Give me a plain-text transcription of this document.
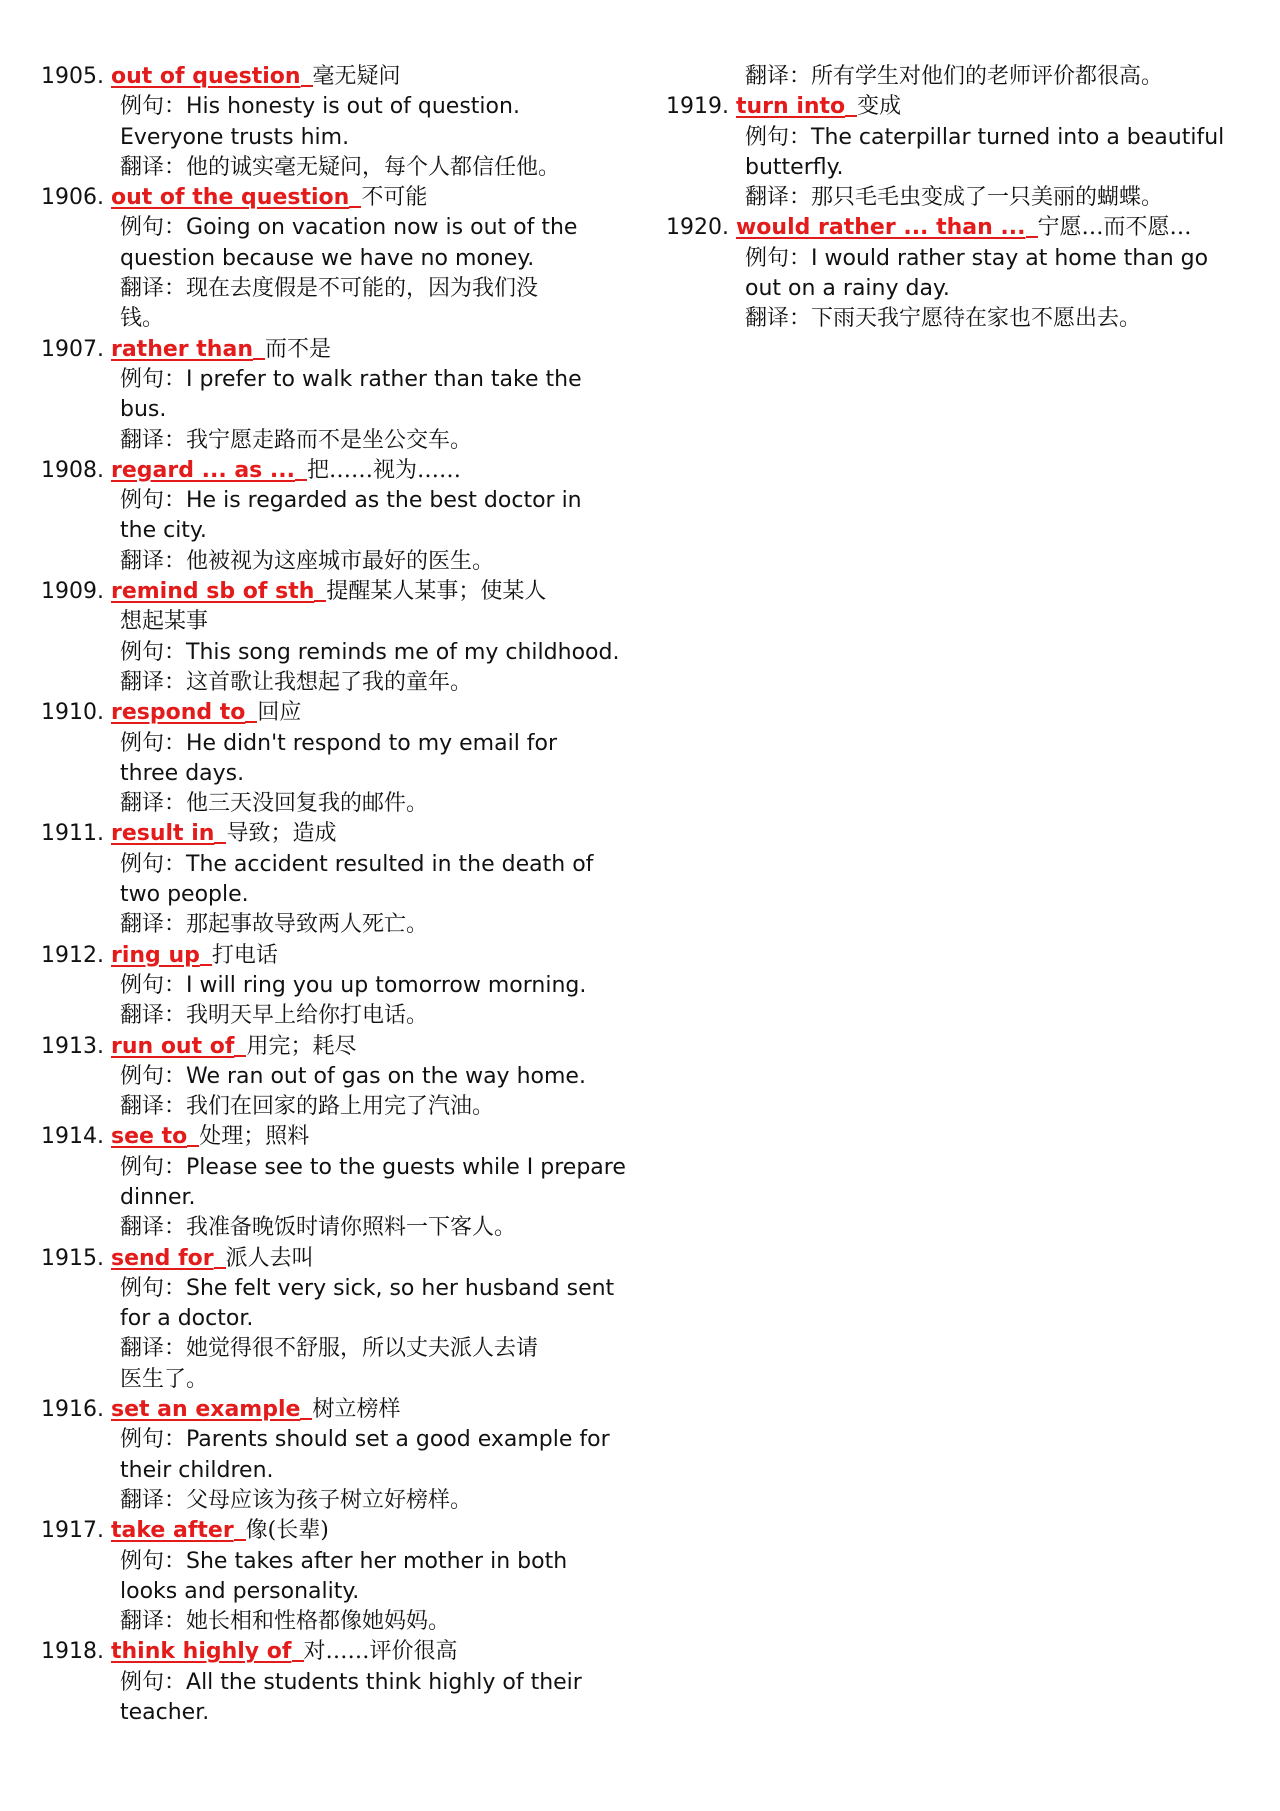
1905. out of question 毫无疑问
例句：His honesty is out of question.
Everyone trusts him.
翻译：他的诚实毫无疑问，每个人都信任他。
1906. out of the question 不可能
例句：Going on vacation now is out of the
question because we have no money.
翻译：现在去度假是不可能的，因为我们没
钱。
1907. rather than 而不是
例句：I prefer to walk rather than take the
bus.
翻译：我宁愿走路而不是坐公交车。
1908. regard ... as ... 把……视为……
例句：He is regarded as the best doctor in
the city.
翻译：他被视为这座城市最好的医生。
1909. remind sb of sth 提醒某人某事；使某人
想起某事
例句：This song reminds me of my childhood.
翻译：这首歌让我想起了我的童年。
1910. respond to 回应
例句：He didn't respond to my email for
three days.
翻译：他三天没回复我的邮件。
1911. result in 导致；造成
例句：The accident resulted in the death of
two people.
翻译：那起事故导致两人死亡。
1912. ring up 打电话
例句：I will ring you up tomorrow morning.
翻译：我明天早上给你打电话。
1913. run out of 用完；耗尽
例句：We ran out of gas on the way home.
翻译：我们在回家的路上用完了汽油。
1914. see to 处理；照料
例句：Please see to the guests while I prepare
dinner.
翻译：我准备晚饭时请你照料一下客人。
1915. send for 派人去叫
例句：She felt very sick, so her husband sent
for a doctor.
翻译：她觉得很不舒服，所以丈夫派人去请
医生了。
1916. set an example 树立榜样
例句：Parents should set a good example for
their children.
翻译：父母应该为孩子树立好榜样。
1917. take after 像(长辈)
例句：She takes after her mother in both
looks and personality.
翻译：她长相和性格都像她妈妈。
1918. think highly of 对……评价很高
例句：All the students think highly of their
teacher.
翻译：所有学生对他们的老师评价都很高。
1919. turn into 变成
例句：The caterpillar turned into a beautiful
butterfly.
翻译：那只毛毛虫变成了一只美丽的蝴蝶。
1920. would rather ... than ... 宁愿…而不愿…
例句：I would rather stay at home than go
out on a rainy day.
翻译：下雨天我宁愿待在家也不愿出去。
